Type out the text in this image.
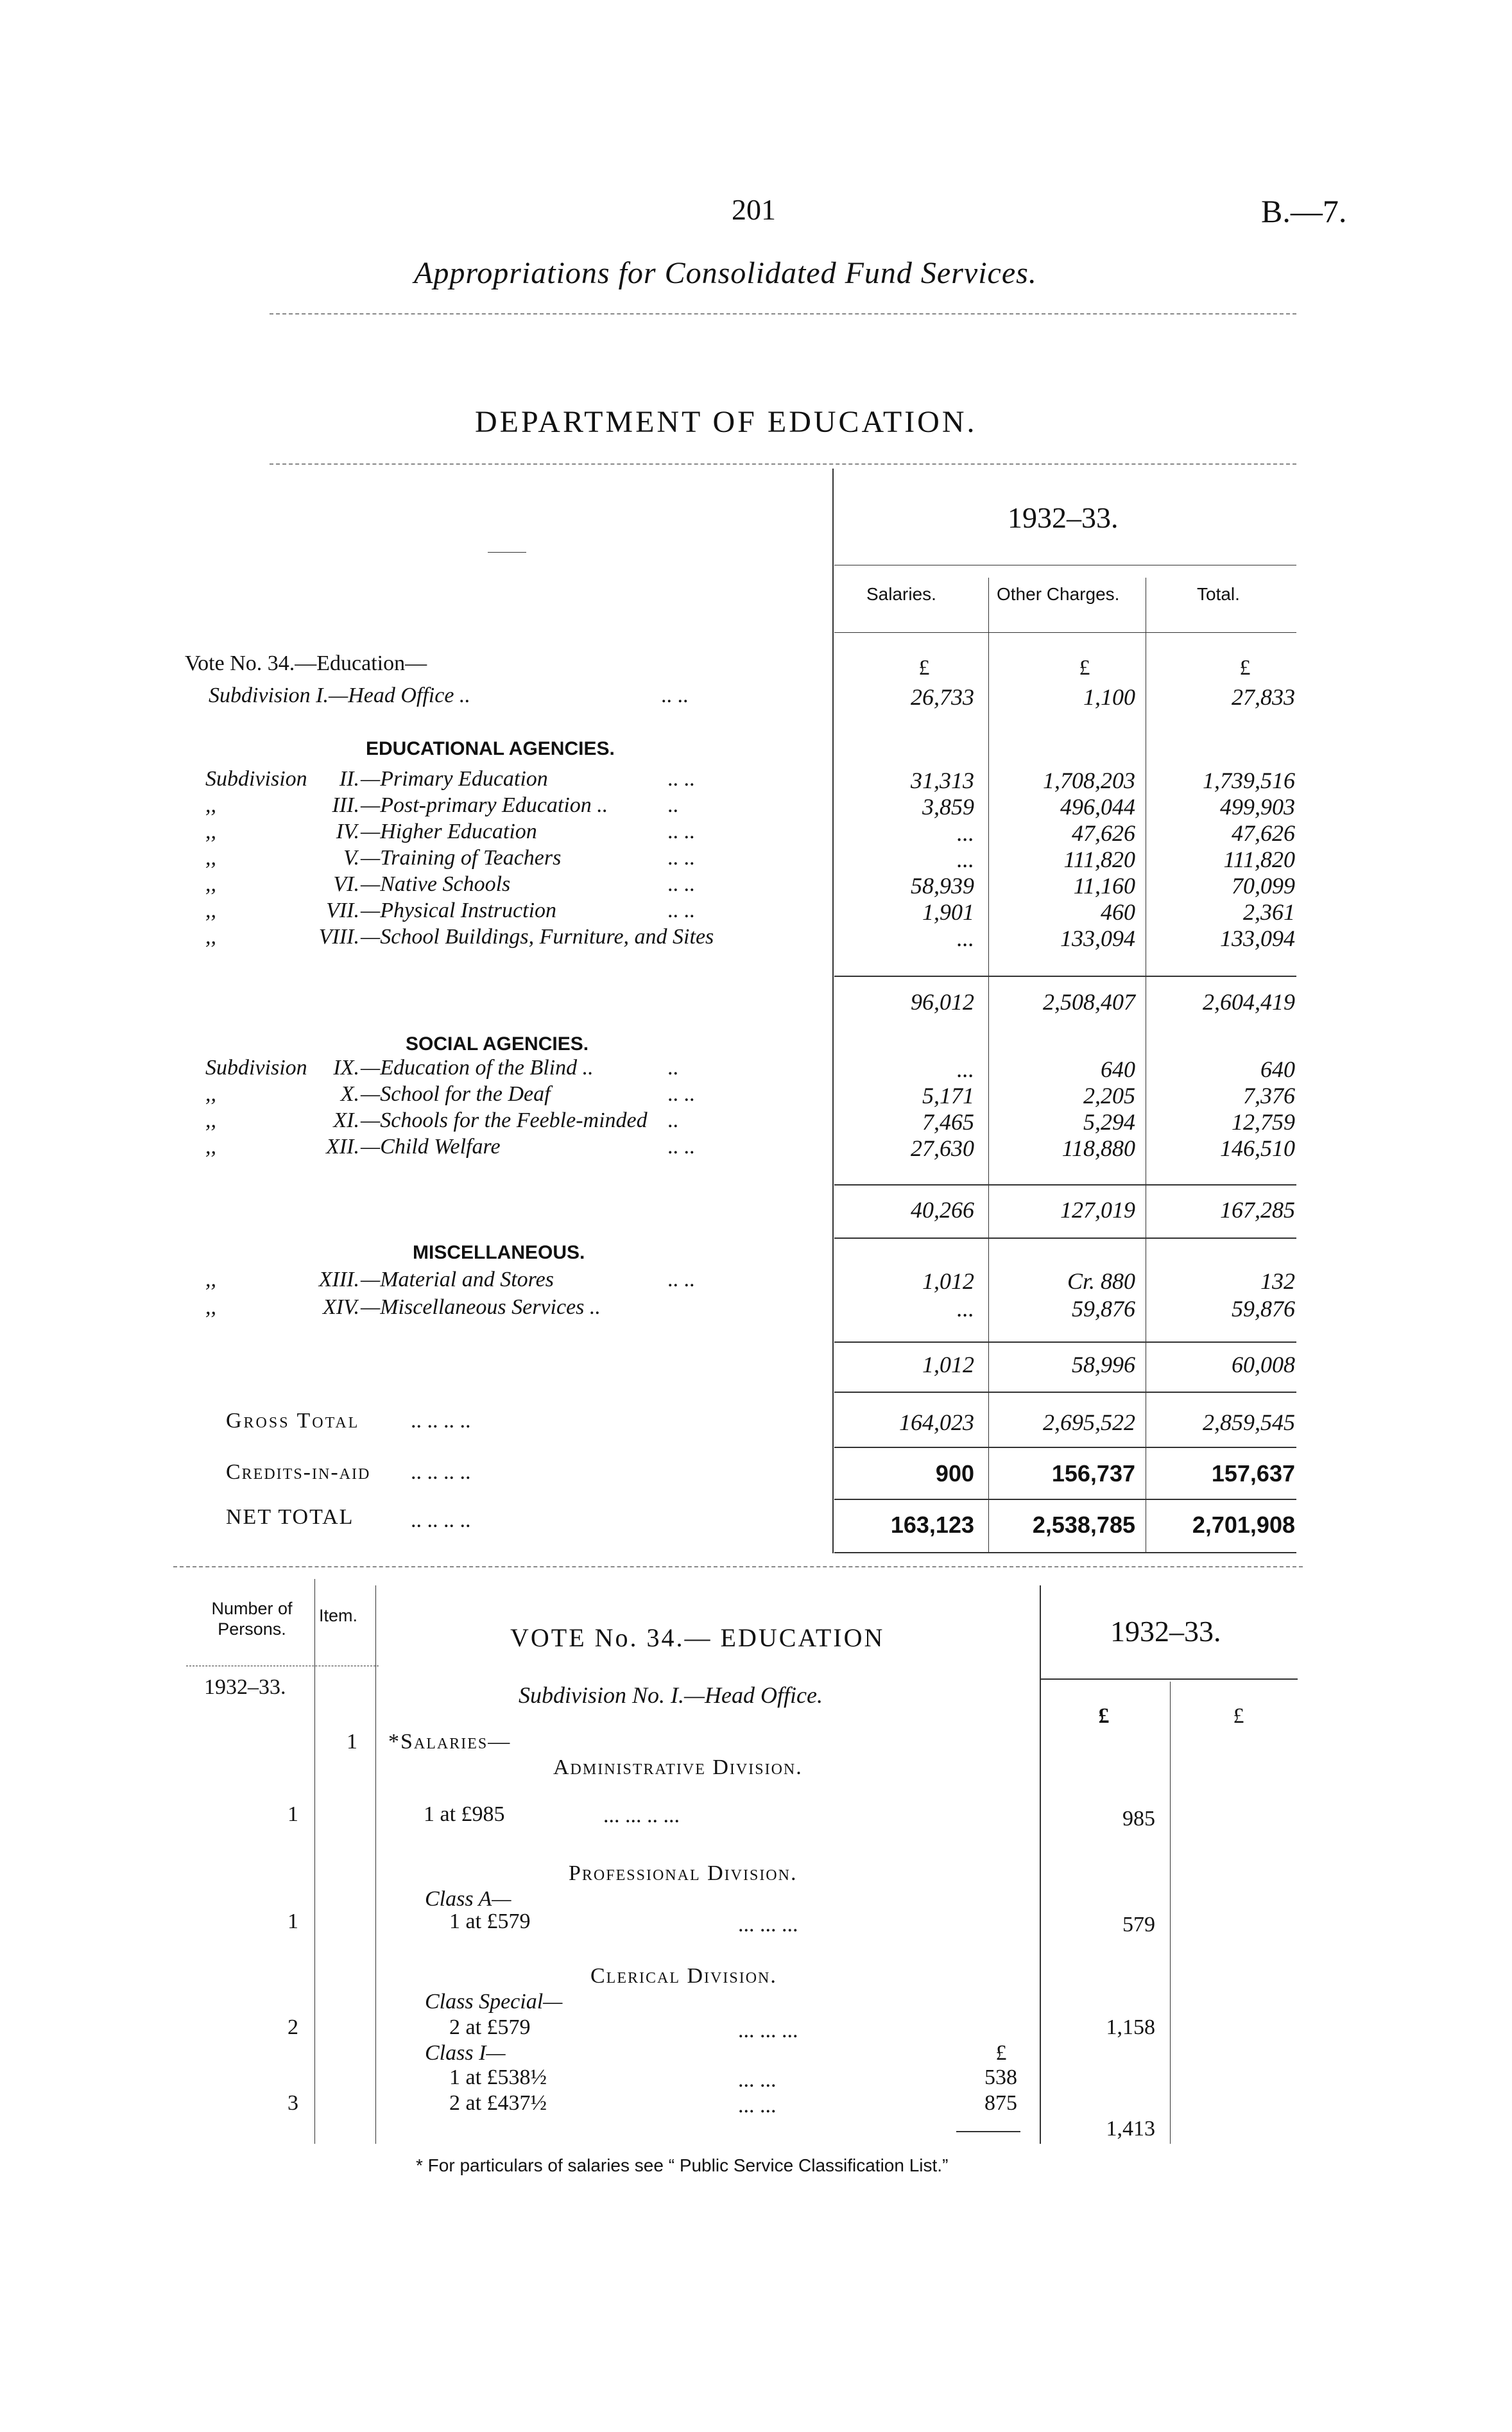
201	B.—7.
Appropriations for Consolidated Fund Services.
DEPARTMENT OF EDUCATION.
1932–33.
Salaries.	Other Charges.	Total.
Vote No. 34.—Education—	£	£	£
Subdivision I.—Head Office ..	.. ..	26,733	1,100	27,833
EDUCATIONAL AGENCIES.
Subdivision	II. —Primary Education	.. ..	31,313	1,708,203	1,739,516
,,	III. —Post-primary Education ..	..	3,859	496,044	499,903
,,	IV. —Higher Education	.. ..	...	47,626	47,626
,,	V. —Training of Teachers	.. ..	...	111,820	111,820
,,	VI. —Native Schools	.. ..	58,939	11,160	70,099
,,	VII. —Physical Instruction	.. ..	1,901	460	2,361
,,	VIII. —School Buildings, Furniture, and Sites	...	133,094	133,094
96,012	2,508,407	2,604,419
SOCIAL AGENCIES.
Subdivision	IX. —Education of the Blind ..	..	...	640	640
,,	X. —School for the Deaf	.. ..	5,171	2,205	7,376
,,	XI. —Schools for the Feeble-minded ..	7,465	5,294	12,759
,,	XII. —Child Welfare	.. ..	27,630	118,880	146,510
40,266	127,019	167,285
MISCELLANEOUS.
,,	XIII. —Material and Stores	.. ..	1,012	Cr. 880	132
,,	XIV. —Miscellaneous Services ..	...	59,876	59,876
1,012	58,996	60,008
Gross Total .. .. .. ..	164,023	2,695,522	2,859,545
Credits-in-aid .. .. .. ..	900	156,737	157,637
NET TOTAL	.. .. .. ..	163,123	2,538,785	2,701,908
Number of Persons.
Item.
VOTE No. 34.— EDUCATION	1932–33.
1932–33.	Subdivision No. I.—Head Office.
£	£
1 *Salaries—
Administrative Division.
1	1 at £985	... ... .. ...	985
Professional Division.
Class A—
1	1 at £579	... ... ...	579
Clerical Division.
Class Special—
2	2 at £579	... ... ...	1,158
Class I—	£
1 at £538½	... ...	538
3	2 at £437½	... ...	875
1,413
* For particulars of salaries see “ Public Service Classification List.”
